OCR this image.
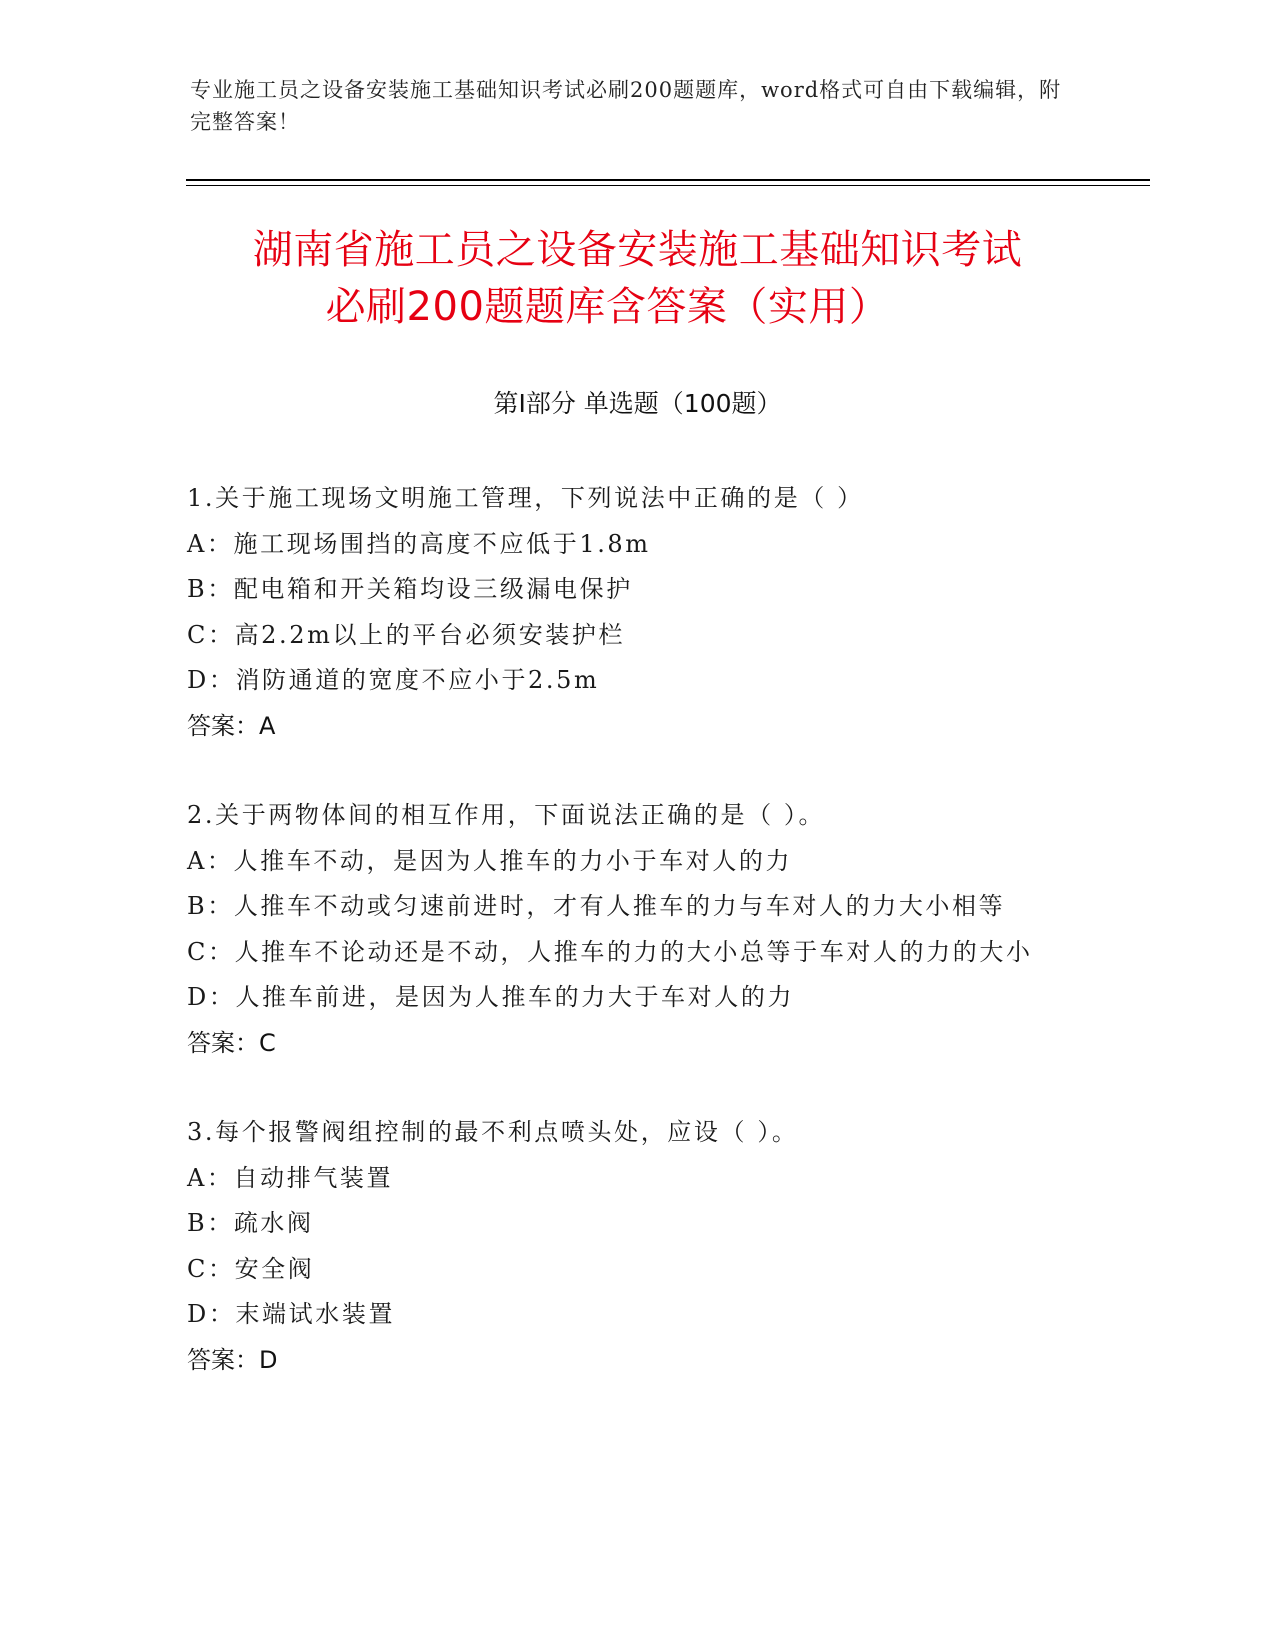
专业施工员之设备安装施工基础知识考试必刷200题题库，word格式可自由下载编辑，附完整答案！
湖南省施工员之设备安装施工基础知识考试
必刷200题题库含答案（实用）
第Ⅰ部分 单选题（100题）
1.关于施工现场文明施工管理，下列说法中正确的是（ ）
A：施工现场围挡的高度不应低于1.8m
B：配电箱和开关箱均设三级漏电保护
C：高2.2m以上的平台必须安装护栏
D：消防通道的宽度不应小于2.5m
答案：A
2.关于两物体间的相互作用，下面说法正确的是（ ）。
A：人推车不动，是因为人推车的力小于车对人的力
B：人推车不动或匀速前进时，才有人推车的力与车对人的力大小相等
C：人推车不论动还是不动，人推车的力的大小总等于车对人的力的大小
D：人推车前进，是因为人推车的力大于车对人的力
答案：C
3.每个报警阀组控制的最不利点喷头处，应设（ ）。
A：自动排气装置
B：疏水阀
C：安全阀
D：末端试水装置
答案：D
